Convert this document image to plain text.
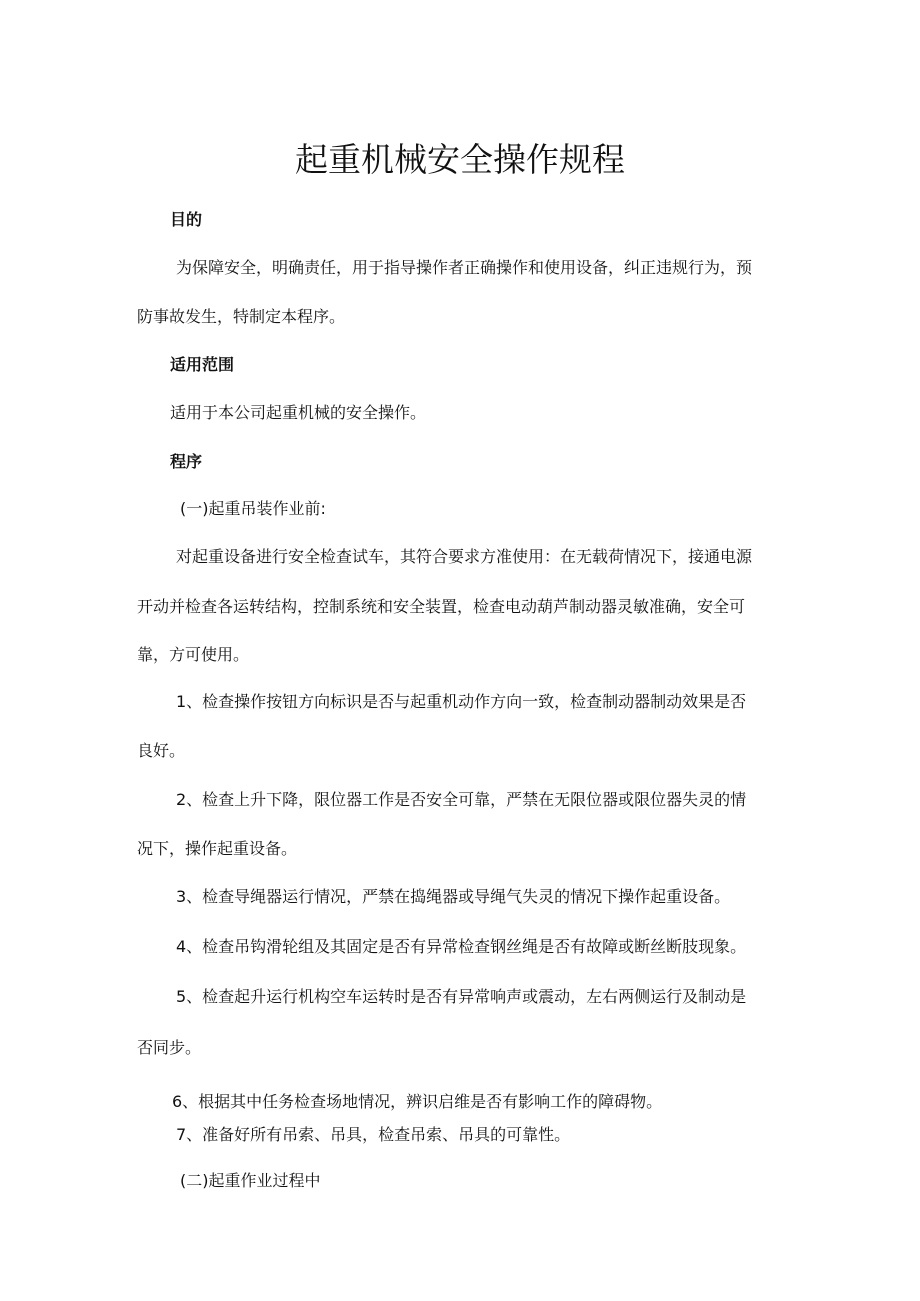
起重机械安全操作规程
目的
为保障安全，明确责任，用于指导操作者正确操作和使用设备，纠正违规行为，预
防事故发生，特制定本程序。
适用范围
适用于本公司起重机械的安全操作。
程序
(一)起重吊装作业前:
对起重设备进行安全检查试车，其符合要求方准使用：在无载荷情况下，接通电源
开动并检查各运转结构，控制系统和安全装置，检查电动葫芦制动器灵敏准确，安全可
靠，方可使用。
1、检查操作按钮方向标识是否与起重机动作方向一致，检查制动器制动效果是否
良好。
2、检查上升下降，限位器工作是否安全可靠，严禁在无限位器或限位器失灵的情
况下，操作起重设备。
3、检查导绳器运行情况，严禁在捣绳器或导绳气失灵的情况下操作起重设备。
4、检查吊钩滑轮组及其固定是否有异常检查钢丝绳是否有故障或断丝断肢现象。
5、检查起升运行机构空车运转时是否有异常响声或震动，左右两侧运行及制动是
否同步。
6、根据其中任务检查场地情况，辨识启维是否有影响工作的障碍物。
7、准备好所有吊索、吊具，检查吊索、吊具的可靠性。
(二)起重作业过程中
